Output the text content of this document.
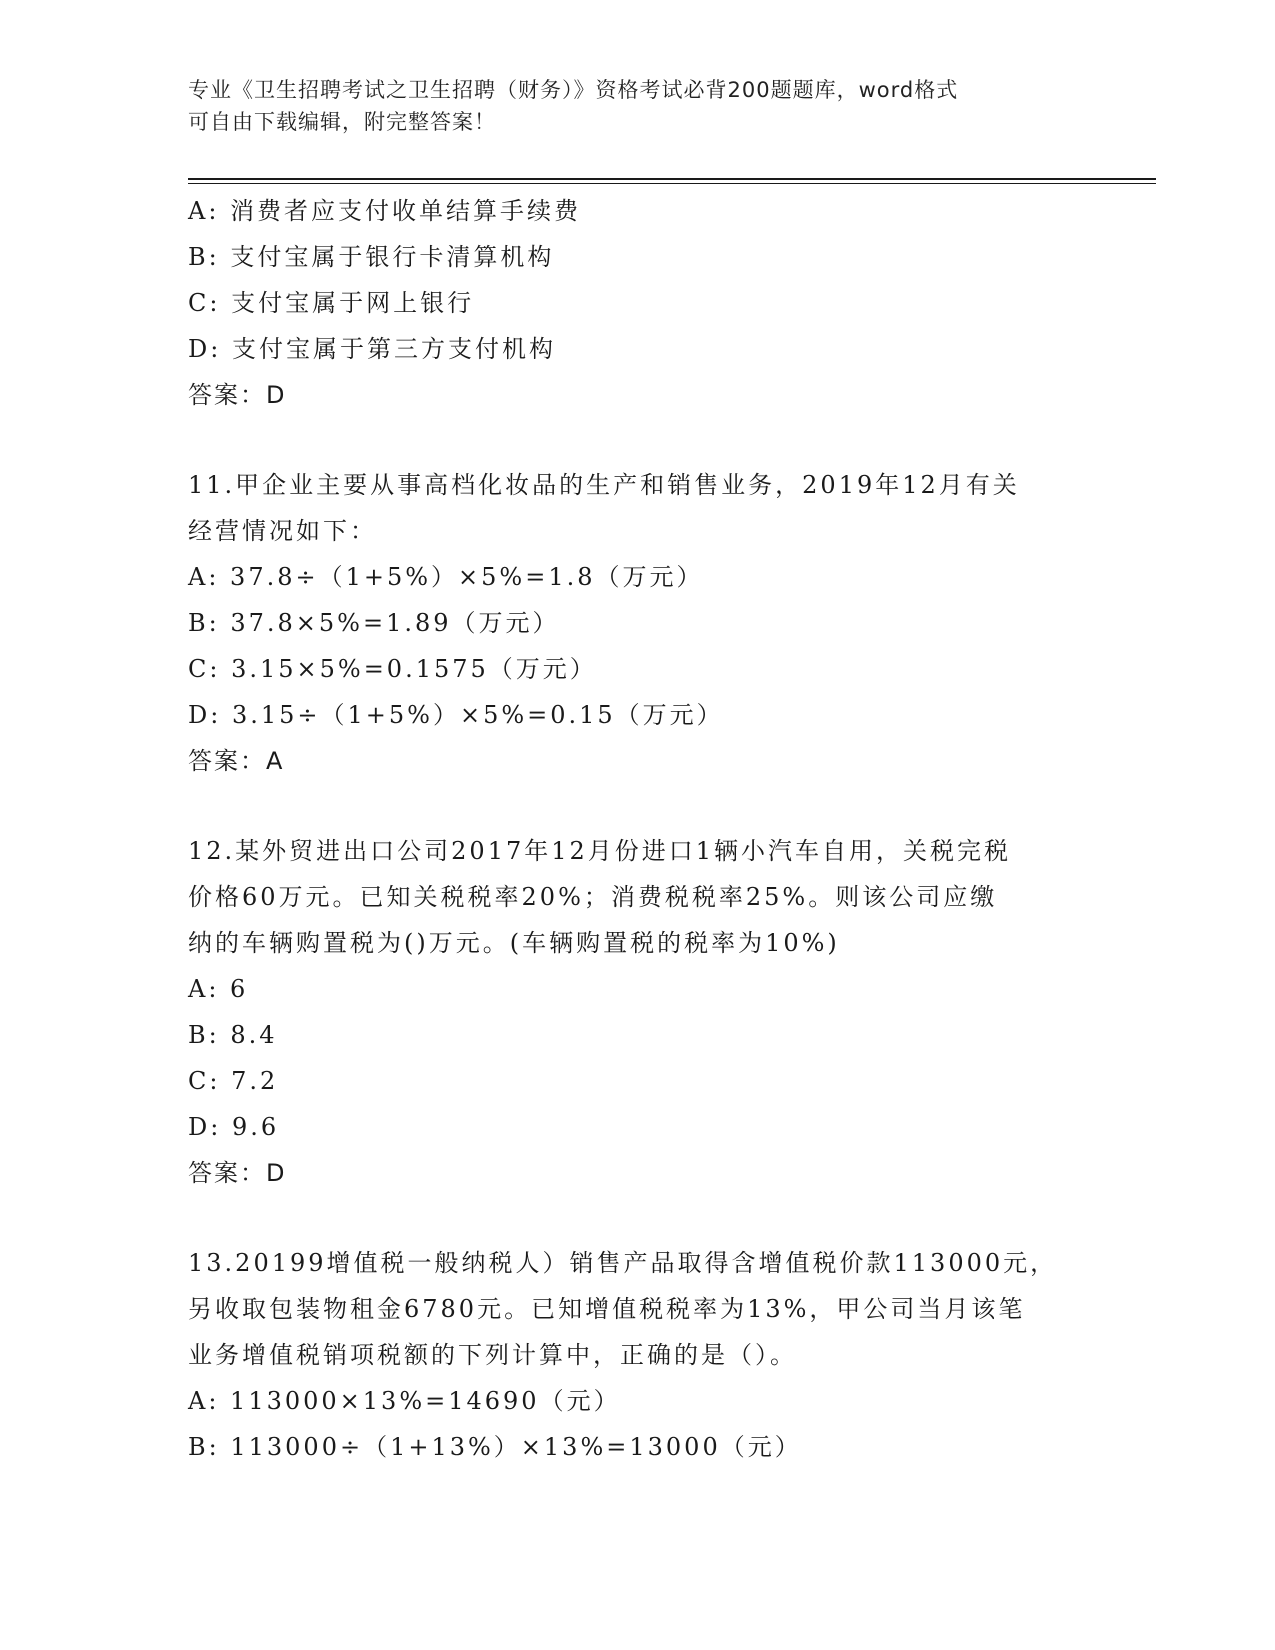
专业《卫生招聘考试之卫生招聘（财务）》资格考试必背200题题库，word格式
可自由下载编辑，附完整答案！
A: 消费者应支付收单结算手续费
B: 支付宝属于银行卡清算机构
C: 支付宝属于网上银行
D: 支付宝属于第三方支付机构
答案：D
11.甲企业主要从事高档化妆品的生产和销售业务，2019年12月有关
经营情况如下：
A: 37.8÷（1+5%）×5%=1.8（万元）
B: 37.8×5%=1.89（万元）
C: 3.15×5%=0.1575（万元）
D: 3.15÷（1+5%）×5%=0.15（万元）
答案：A
12.某外贸进出口公司2017年12月份进口1辆小汽车自用，关税完税
价格60万元。已知关税税率20%；消费税税率25%。则该公司应缴
纳的车辆购置税为()万元。(车辆购置税的税率为10%)
A: 6
B: 8.4
C: 7.2
D: 9.6
答案：D
13.20199增值税一般纳税人）销售产品取得含增值税价款113000元，
另收取包装物租金6780元。已知增值税税率为13%，甲公司当月该笔
业务增值税销项税额的下列计算中，正确的是（）。
A: 113000×13%=14690（元）
B: 113000÷（1+13%）×13%=13000（元）
